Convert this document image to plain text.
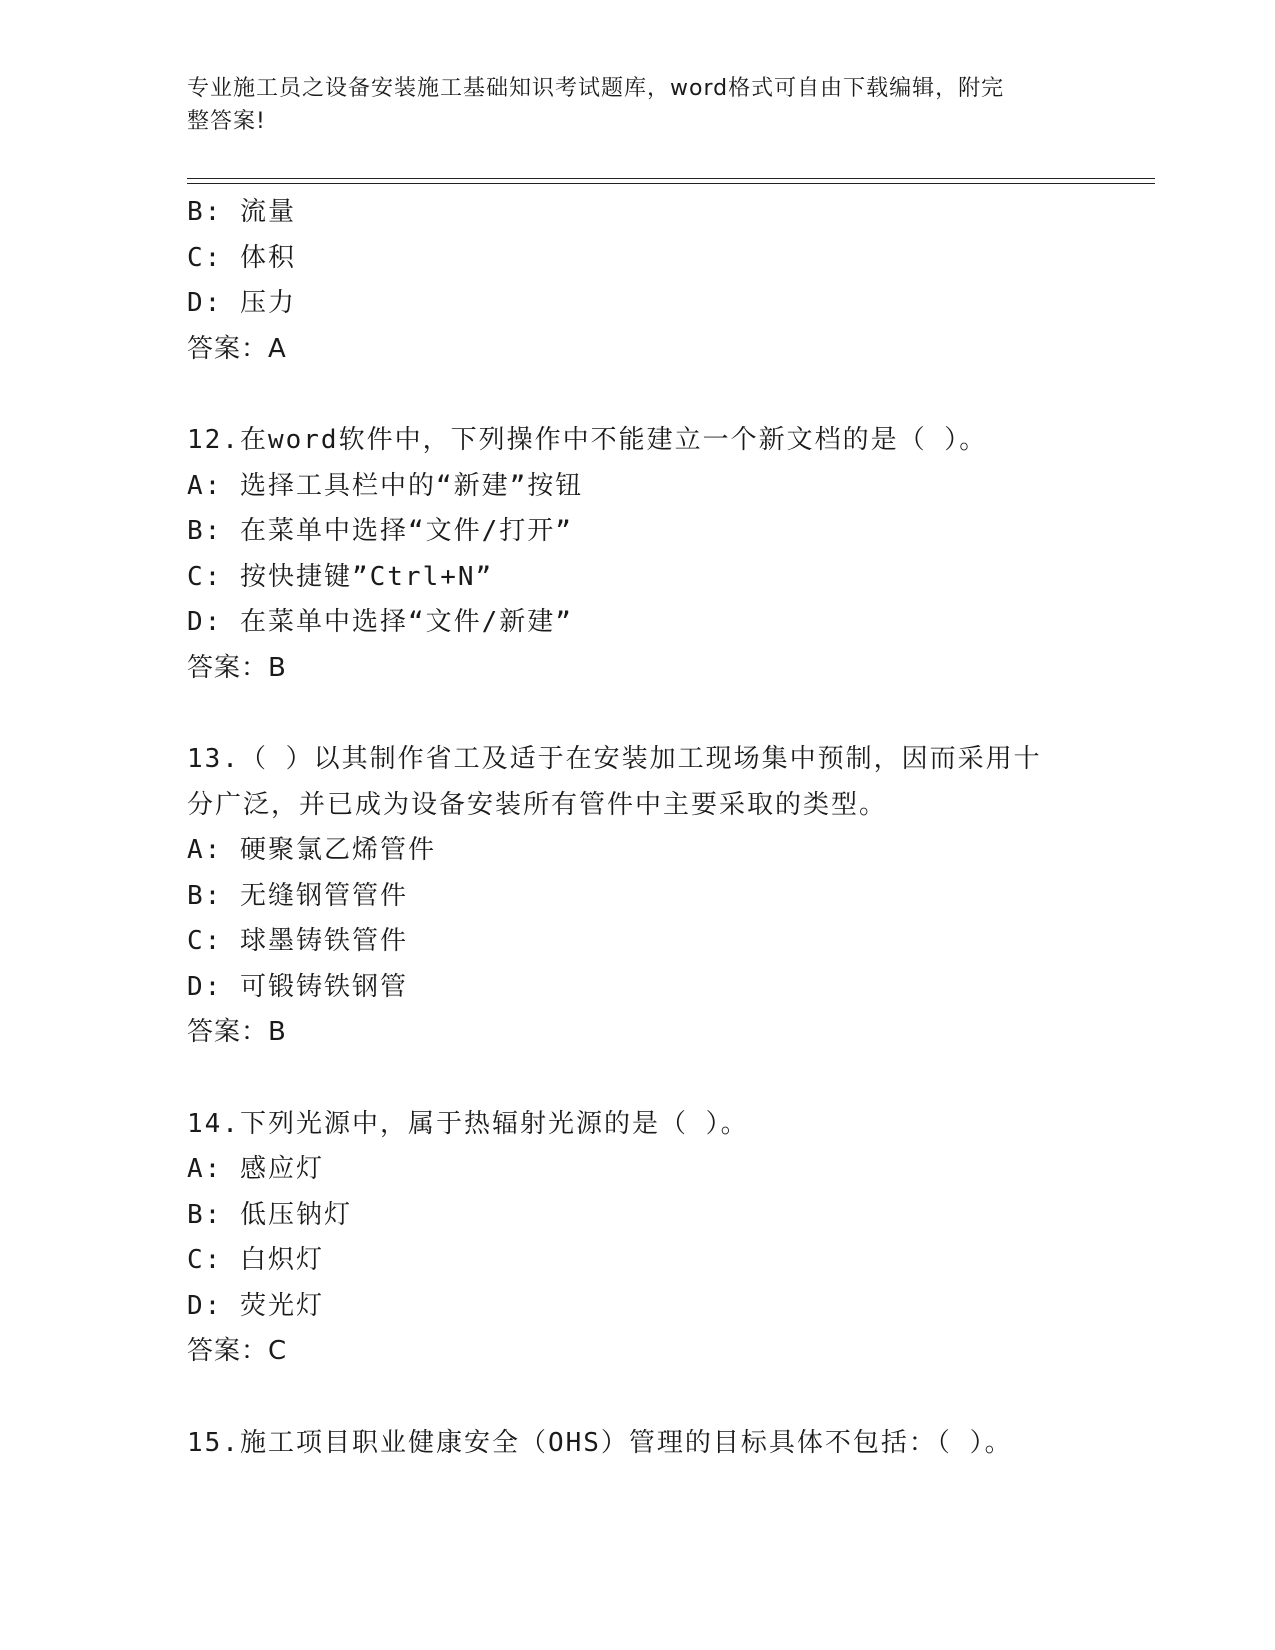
专业施工员之设备安装施工基础知识考试题库，word格式可自由下载编辑，附完
整答案!
B: 流量
C: 体积
D: 压力
答案：A
12.在word软件中，下列操作中不能建立一个新文档的是（ ）。
A: 选择工具栏中的“新建”按钮
B: 在菜单中选择“文件/打开”
C: 按快捷键”Ctrl+N”
D: 在菜单中选择“文件/新建”
答案：B
13.（ ）以其制作省工及适于在安装加工现场集中预制，因而采用十
分广泛，并已成为设备安装所有管件中主要采取的类型。
A: 硬聚氯乙烯管件
B: 无缝钢管管件
C: 球墨铸铁管件
D: 可锻铸铁钢管
答案：B
14.下列光源中，属于热辐射光源的是（ ）。
A: 感应灯
B: 低压钠灯
C: 白炽灯
D: 荧光灯
答案：C
15.施工项目职业健康安全（OHS）管理的目标具体不包括：（ ）。
